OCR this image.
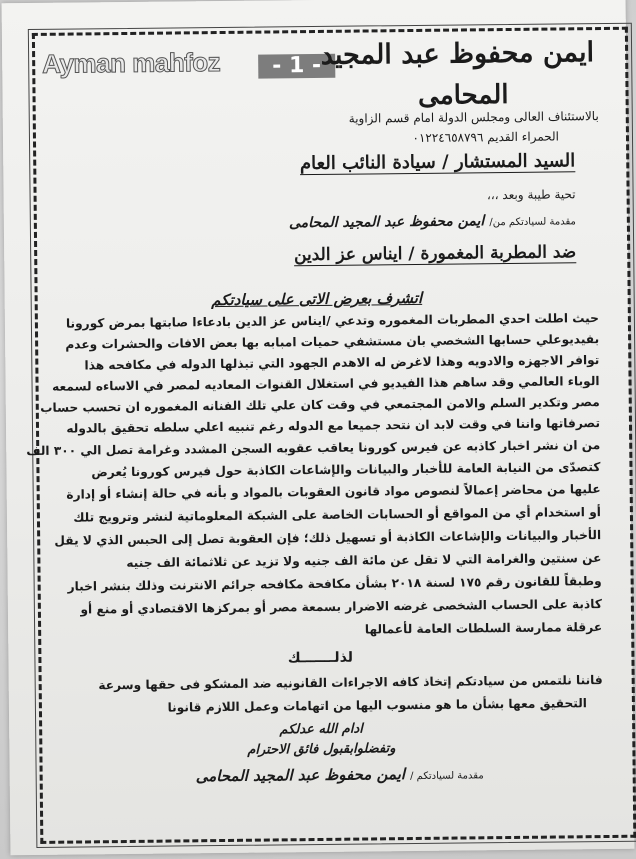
Ayman mahfoz	- 1 - ايمن محفوظ عبد المجيد
المحامى
بالاستئناف العالى ومجلس الدولة امام قسم الزاوية
الحمراء القديم ٠١٢٢٤٦٥٨٧٩٦
السيد المستشار / سيادة النائب العام
تحية طيبة وبعد ،،،
مقدمة لسيادتكم من/ ايمن محفوظ عبد المجيد المحامى
ضد المطربة المغمورة / ايناس عز الدين
اتشرف بعرض الاتى على سيادتكم
حيث اطلت احدي المطربات المغموره وتدعي /ايناس عز الدين بادعاءا صابتها بمرض كورونا
بفيديوعلي حسابها الشخصي بان مستشفي حميات امبابه بها بعض الافات والحشرات وعدم
توافر الاجهزه والادويه وهذا لاغرض له الاهدم الجهود التي تبذلها الدوله في مكافحه هذا
الوباء العالمي وقد ساهم هذا الفيديو في استغلال القنوات المعاديه لمصر في الاساءه لسمعه
مصر وتكدير السلم والامن المجتمعي في وقت كان علي تلك الفنانه المغموره ان تحسب حساب
تصرفاتها واننا في وقت لابد ان نتحد جميعا مع الدوله رغم تنبيه اعلي سلطه تحقيق بالدوله
من ان نشر اخبار كاذبه عن فيرس كورونا يعاقب عقوبه السجن المشدد وغرامة تصل الي ٣٠٠ الف
كتصدّى من النيابة العامة للأخبار والبيانات والإشاعات الكاذبة حول فيرس كورونا يُعرض
عليها من محاضر إعمالاً لنصوص مواد قانون العقوبات بالمواد و بأنه في حالة إنشاء أو إدارة
أو استخدام أي من المواقع أو الحسابات الخاصة على الشبكة المعلوماتية لنشر وترويج تلك
الأخبار والبيانات والإشاعات الكاذبة أو تسهيل ذلك؛ فإن العقوبة تصل إلى الحبس الذي لا يقل
عن سنتين والغرامة التي لا تقل عن مائة الف جنيه ولا تزيد عن ثلاثمائة الف جنيه
وطبقاً للقانون رقم ١٧٥ لسنة ٢٠١٨ بشأن مكافحة مكافحه جرائم الانترنت وذلك بنشر اخبار
كاذبة على الحساب الشخصى غرضه الاضرار بسمعة مصر أو بمركزها الاقتصادي أو منع أو
عرقلة ممارسة السلطات العامة لأعمالها
لذلـــــــك
فاننا نلتمس من سيادتكم إتخاذ كافه الاجراءات القانونيه ضد المشكو فى حقها وسرعة
التحقيق معها بشأن ما هو منسوب اليها من اتهامات وعمل اللازم قانونا
ادام الله عدلكم
وتفضلوابقبول فائق الاحترام
مقدمة لسيادتكم / ايمن محفوظ عبد المجيد المحامى
